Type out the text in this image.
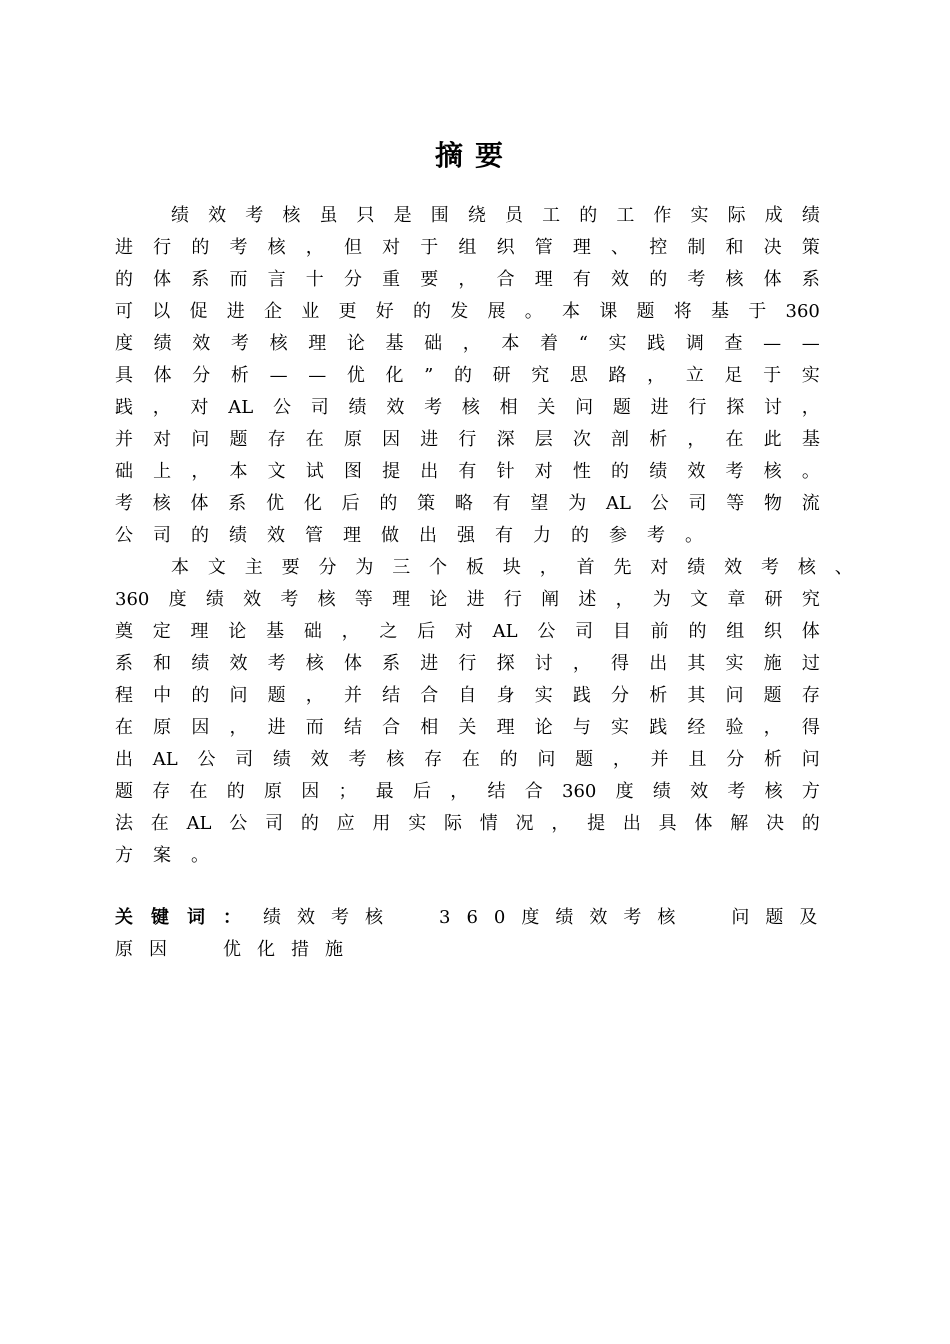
摘要
绩 效 考 核 虽 只 是 围 绕 员 工 的 工 作 实 际 成 绩
进 行 的 考 核 ， 但 对 于 组 织 管 理 、 控 制 和 决 策
的 体 系 而 言 十 分 重 要 ， 合 理 有 效 的 考 核 体 系
可 以 促 进 企 业 更 好 的 发 展 。 本 课 题 将 基 于 360
度 绩 效 考 核 理 论 基 础 ， 本 着 “ 实 践 调 查 — —
具 体 分 析 — — 优 化 ” 的 研 究 思 路 ， 立 足 于 实
践 ， 对 AL 公 司 绩 效 考 核 相 关 问 题 进 行 探 讨 ，
并 对 问 题 存 在 原 因 进 行 深 层 次 剖 析 ， 在 此 基
础 上 ， 本 文 试 图 提 出 有 针 对 性 的 绩 效 考 核 。
考 核 体 系 优 化 后 的 策 略 有 望 为 AL 公 司 等 物 流
公 司 的 绩 效 管 理 做 出 强 有 力 的 参 考 。
本 文 主 要 分 为 三 个 板 块 ， 首 先 对 绩 效 考 核 、
360 度 绩 效 考 核 等 理 论 进 行 阐 述 ， 为 文 章 研 究
奠 定 理 论 基 础 ， 之 后 对 AL 公 司 目 前 的 组 织 体
系 和 绩 效 考 核 体 系 进 行 探 讨 ， 得 出 其 实 施 过
程 中 的 问 题 ， 并 结 合 自 身 实 践 分 析 其 问 题 存
在 原 因 ， 进 而 结 合 相 关 理 论 与 实 践 经 验 ， 得
出 AL 公 司 绩 效 考 核 存 在 的 问 题 ， 并 且 分 析 问
题 存 在 的 原 因 ； 最 后 ， 结 合 360 度 绩 效 考 核 方
法 在 AL 公 司 的 应 用 实 际 情 况 ， 提 出 具 体 解 决 的
方 案 。
关键词： 绩效考核 360度绩效考核 问题及
原因 优化措施
